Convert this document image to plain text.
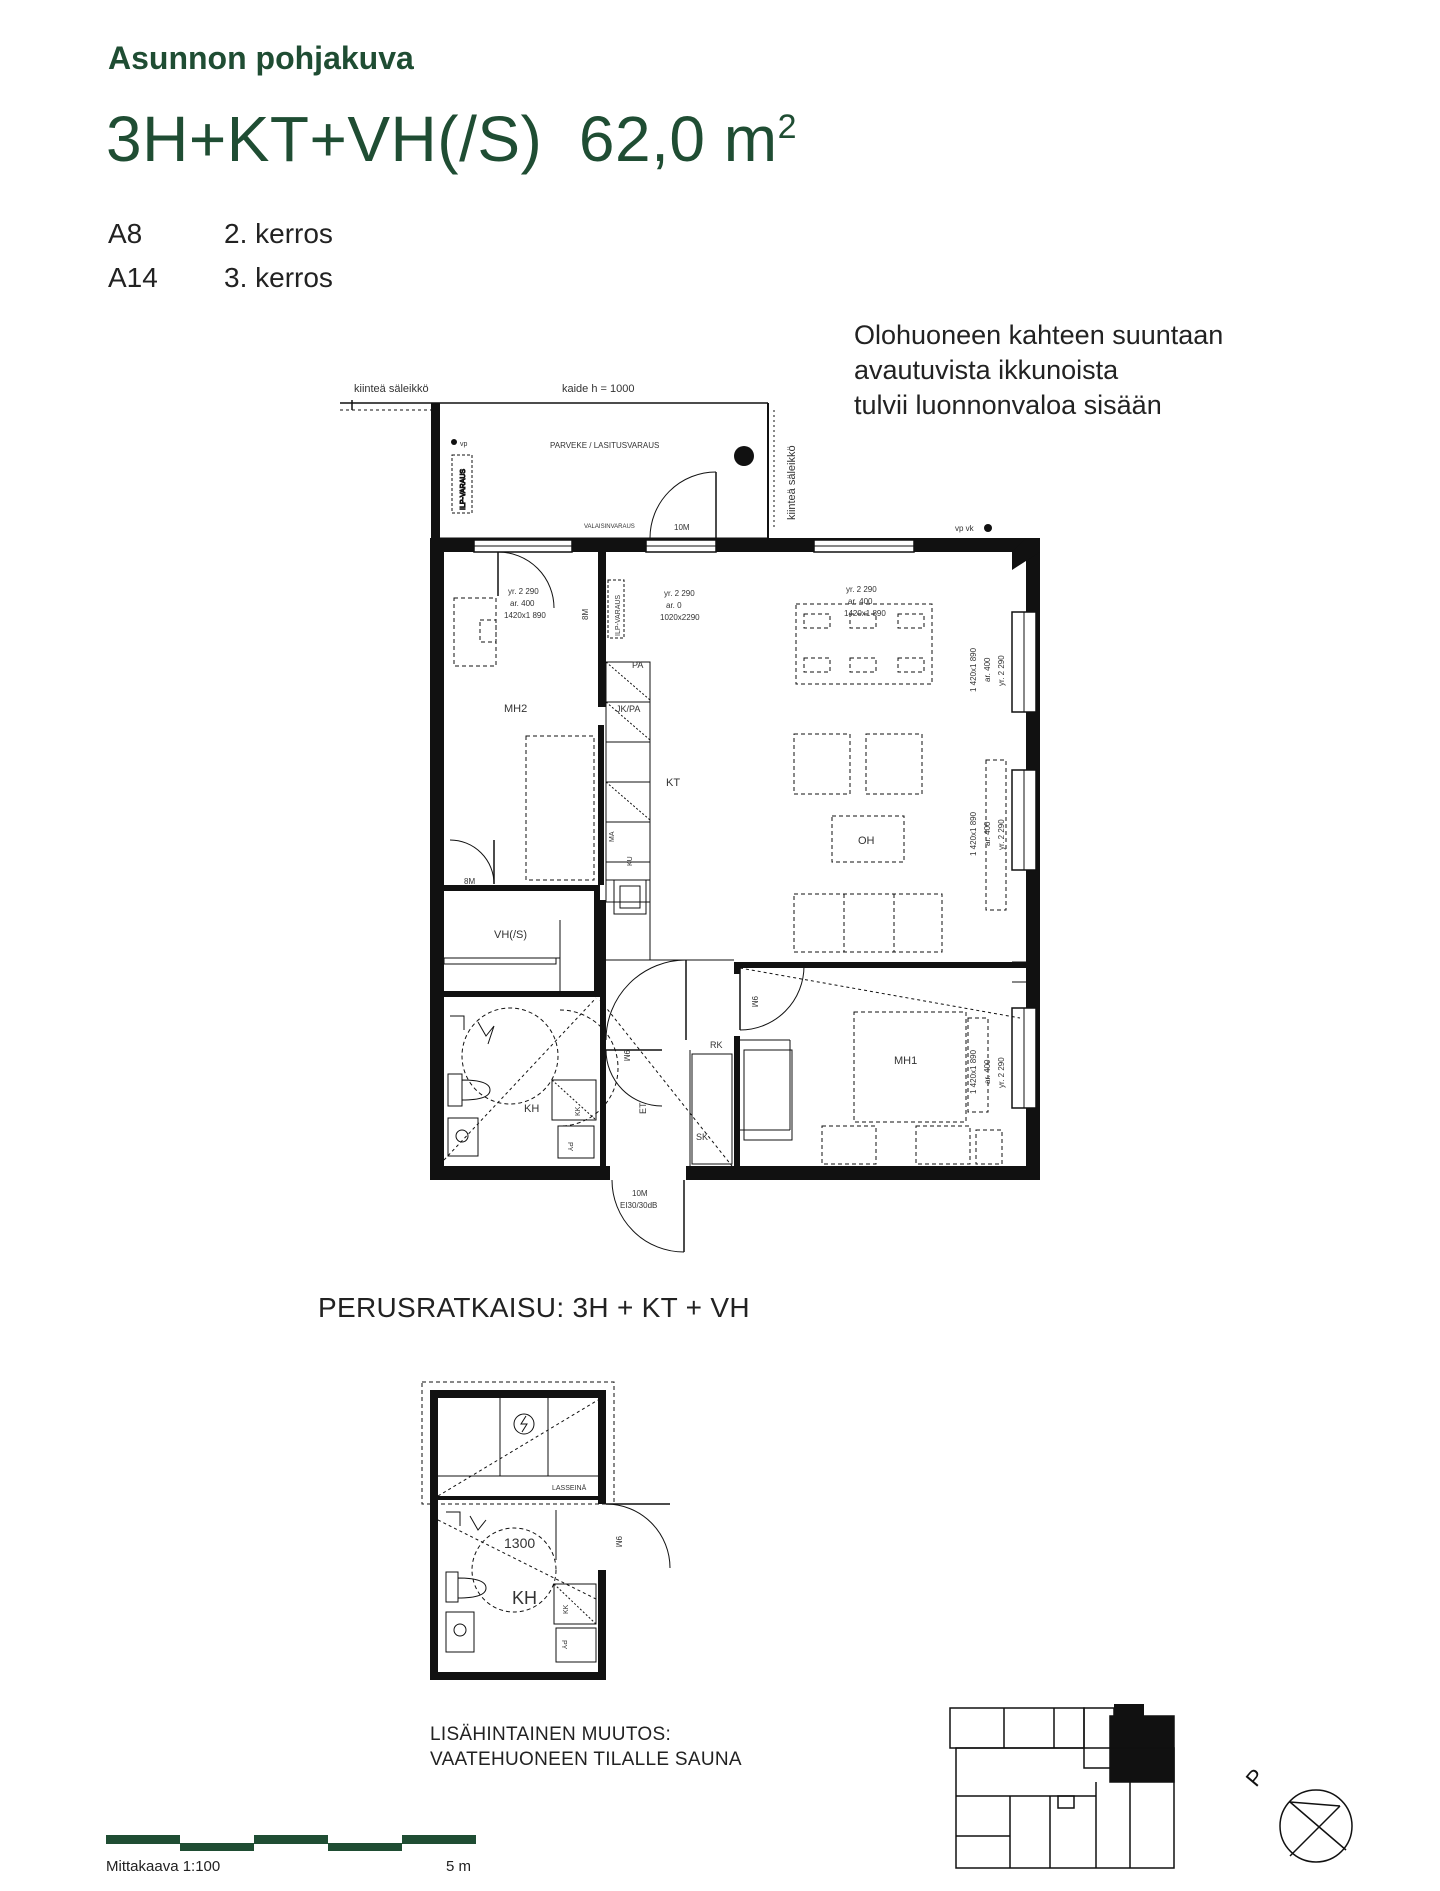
Asunnon pohjakuva
3H+KT+VH(/S) 62,0 $m^2$
A8	2. kerros
A14 3. kerros
Olohuoneen kahteen suuntaan
avautuvista ikkunoista
tulvii luonnonvaloa sisään
ILP-VARAUS
kiinteä säleikkö	kaide h = 1000
kiinteä säleikkö
PARVEKE / LASITUSVARAUS
vp
VALAISINVARAUS	10M	vp vk
PA
JK/PA
MA
KU
ILP-VARAUS
8M
8M
9M
9M
10M
EI30/30dB
KK
PY
yr. 2 290
ar. 400
1420x1 890
yr. 2 290
ar. 0
1020x2290
yr. 2 290
ar. 400
1420x1 890
1 420x1 890 ar. 400 yr. 2 290
1 420x1 890 ar. 400 yr. 2 290
1 420x1 890 ar. 400 yr. 2 290
MH2
KT
OH
VH(/S)
KH
MH1
ET
RK
SK
LASSEINÄ
1300
KH
9M
KK
PY
P
PERUSRATKAISU: 3H + KT + VH
LISÄHINTAINEN MUUTOS:
VAATEHUONEEN TILALLE SAUNA
Mittakaava 1:100	5 m
